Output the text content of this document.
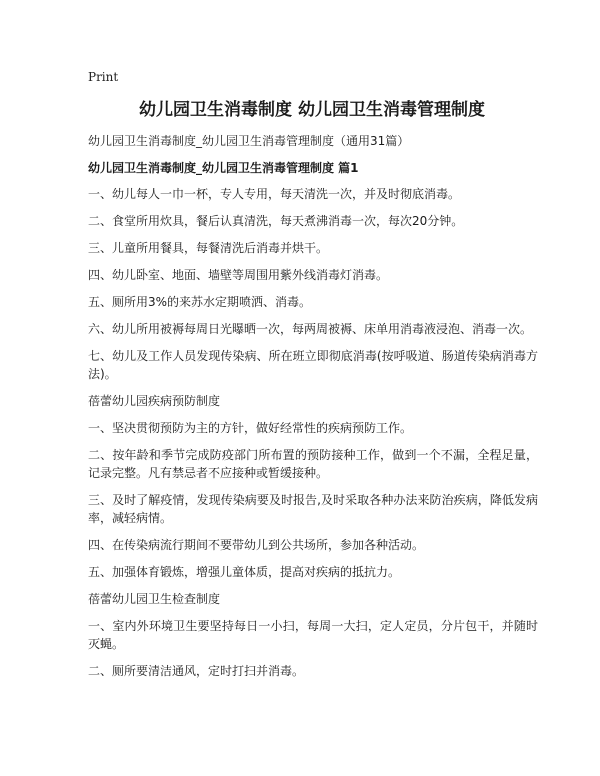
Print
幼儿园卫生消毒制度 幼儿园卫生消毒管理制度
幼儿园卫生消毒制度_幼儿园卫生消毒管理制度（通用31篇）
幼儿园卫生消毒制度_幼儿园卫生消毒管理制度 篇1

一、幼儿每人一巾一杯，专人专用，每天清洗一次，并及时彻底消毒。

二、食堂所用炊具，餐后认真清洗，每天煮沸消毒一次，每次20分钟。

三、儿童所用餐具，每餐清洗后消毒并烘干。

四、幼儿卧室、地面、墙壁等周围用紫外线消毒灯消毒。

五、厕所用3%的来苏水定期喷洒、消毒。

六、幼儿所用被褥每周日光曝晒一次，每两周被褥、床单用消毒液浸泡、消毒一次。

七、幼儿及工作人员发现传染病、所在班立即彻底消毒(按呼吸道、肠道传染病消毒方法)。

蓓蕾幼儿园疾病预防制度

一、坚决贯彻预防为主的方针，做好经常性的疾病预防工作。

二、按年龄和季节完成防疫部门所布置的预防接种工作，做到一个不漏，全程足量，记录完整。凡有禁忌者不应接种或暂缓接种。

三、及时了解疫情，发现传染病要及时报告,及时采取各种办法来防治疾病，降低发病率，减轻病情。

四、在传染病流行期间不要带幼儿到公共场所，参加各种活动。

五、加强体育锻炼，增强儿童体质，提高对疾病的抵抗力。

蓓蕾幼儿园卫生检查制度

一、室内外环境卫生要坚持每日一小扫，每周一大扫，定人定员，分片包干，并随时灭蝇。

二、厕所要清洁通风，定时打扫并消毒。
